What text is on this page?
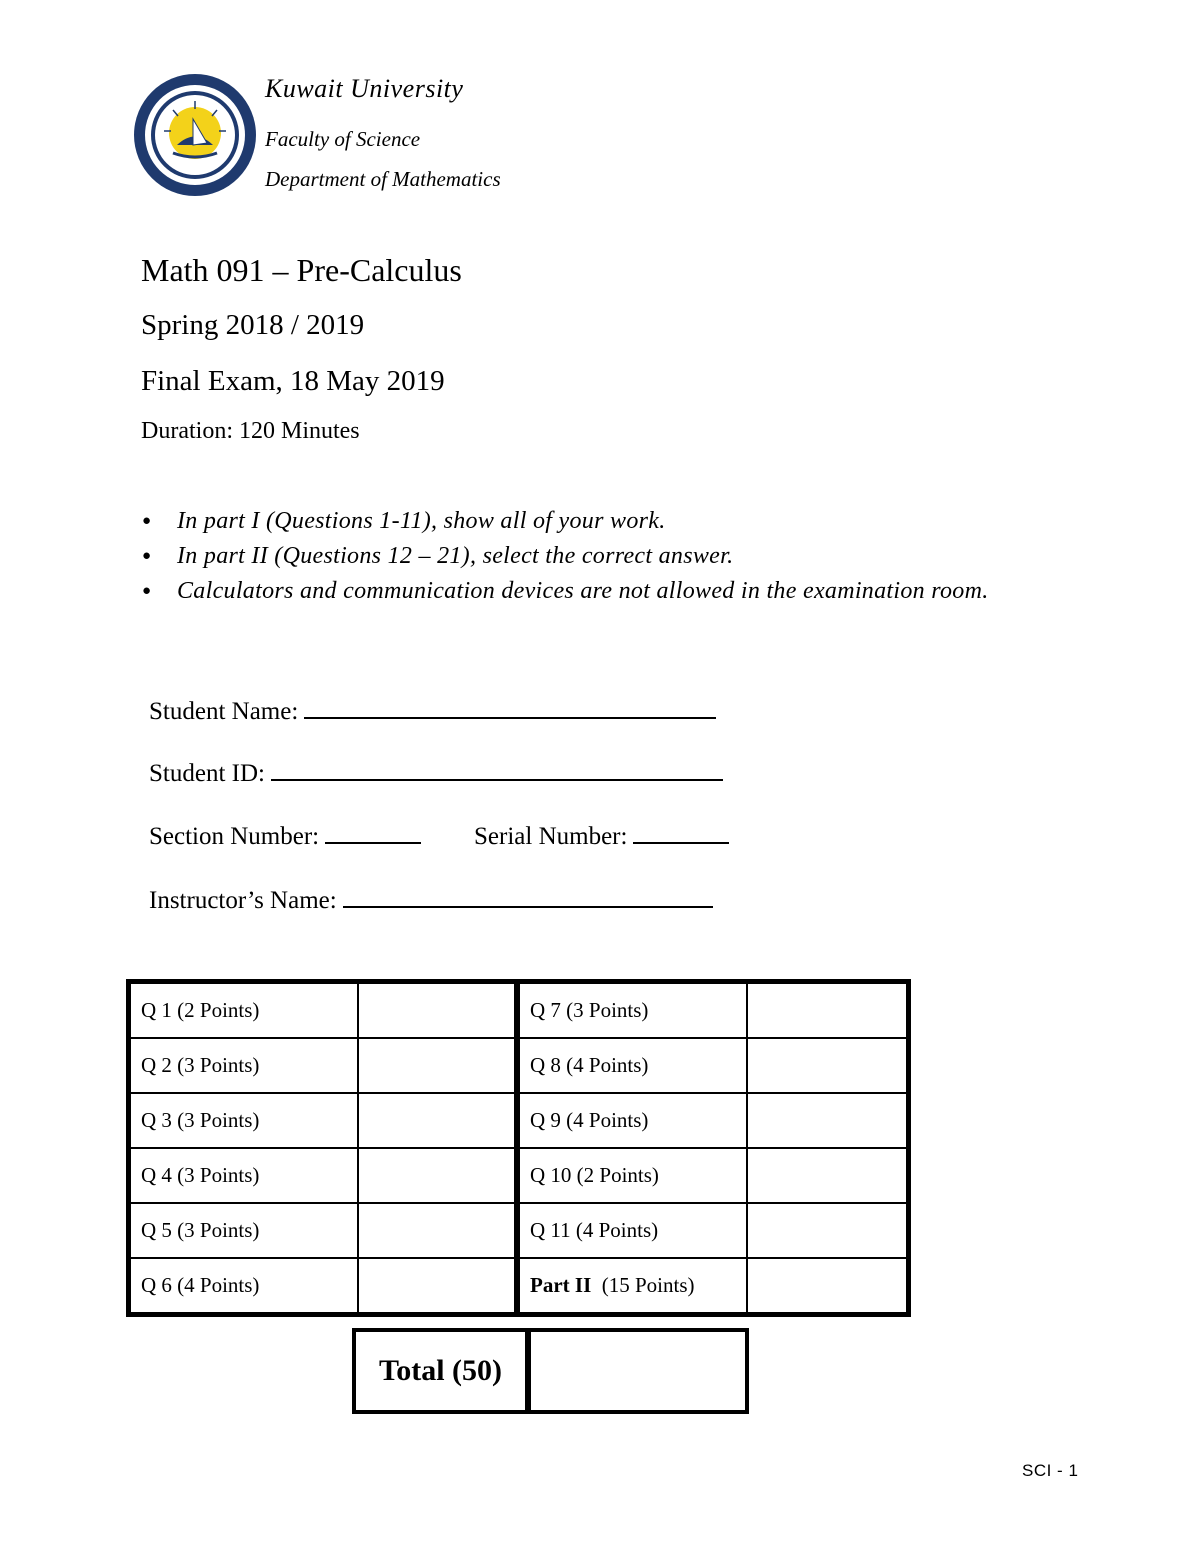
Kuwait University
Faculty of Science
Department of Mathematics
Math 091 – Pre-Calculus
Spring 2018 / 2019
Final Exam, 18 May 2019
Duration: 120 Minutes
● In part I (Questions 1-11), show all of your work.
● In part II (Questions 12 – 21), select the correct answer.
● Calculators and communication devices are not allowed in the examination room.
Student Name:
Student ID:
Section Number:	Serial Number:
Instructor’s Name:
Q 1 (2 Points)		Q 7 (3 Points)	
Q 2 (3 Points)		Q 8 (4 Points)	
Q 3 (3 Points)		Q 9 (4 Points)	
Q 4 (3 Points)		Q 10 (2 Points)	
Q 5 (3 Points)		Q 11 (4 Points)	
Q 6 (4 Points)		Part II (15 Points)	
Total (50)
SCI - 1
